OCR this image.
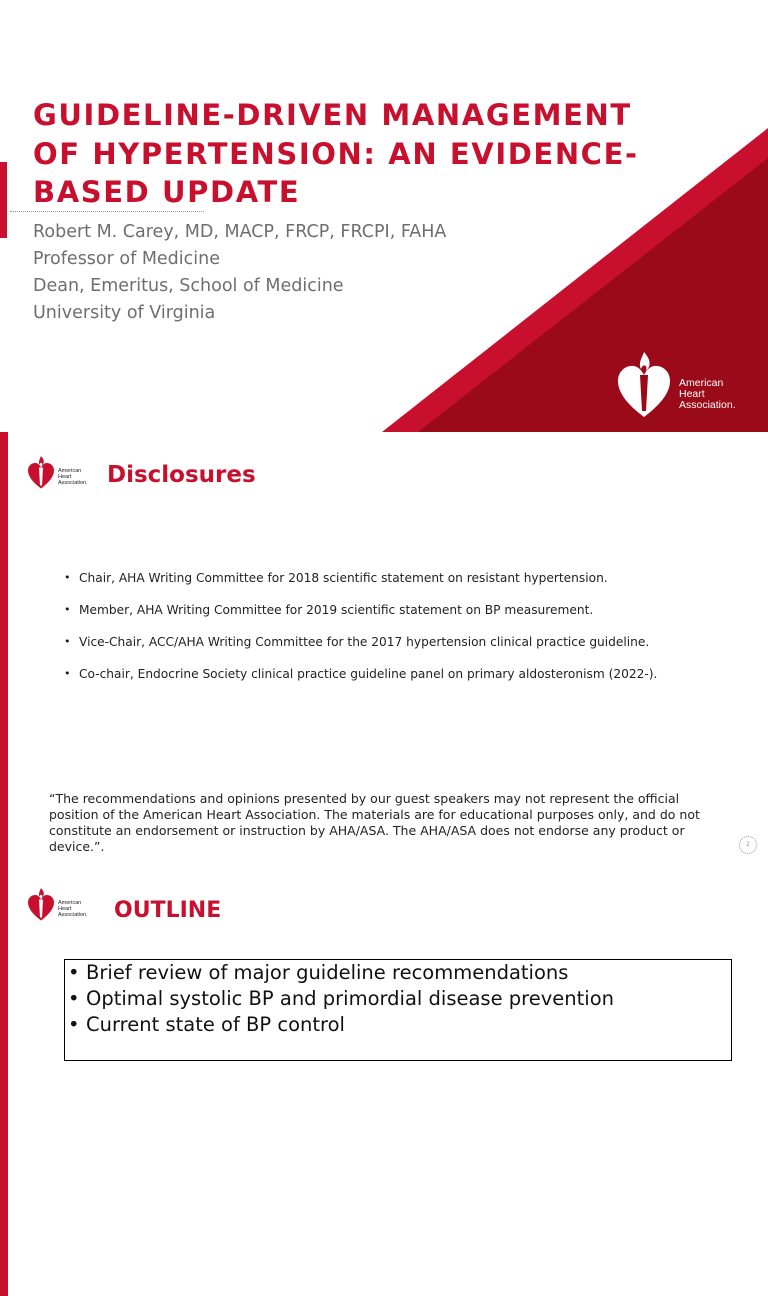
GUIDELINE-DRIVEN MANAGEMENT OF HYPERTENSION: AN EVIDENCE-BASED UPDATE
Robert M. Carey, MD, MACP, FRCP, FRCPI, FAHA
Professor of Medicine
Dean, Emeritus, School of Medicine
University of Virginia
American
Heart
Association.
American
Heart
Association. Disclosures
• Chair, AHA Writing Committee for 2018 scientific statement on resistant hypertension.
• Member, AHA Writing Committee for 2019 scientific statement on BP measurement.
• Vice-Chair, ACC/AHA Writing Committee for the 2017 hypertension clinical practice guideline.
• Co-chair, Endocrine Society clinical practice guideline panel on primary aldosteronism (2022-).

“The recommendations and opinions presented by our guest speakers may not represent the official position of the American Heart Association. The materials are for educational purposes only, and do not constitute an endorsement or instruction by AHA/ASA. The AHA/ASA does not endorse any product or device.”.	2
American
Heart
Association. OUTLINE
• Brief review of major guideline recommendations
• Optimal systolic BP and primordial disease prevention
• Current state of BP control
